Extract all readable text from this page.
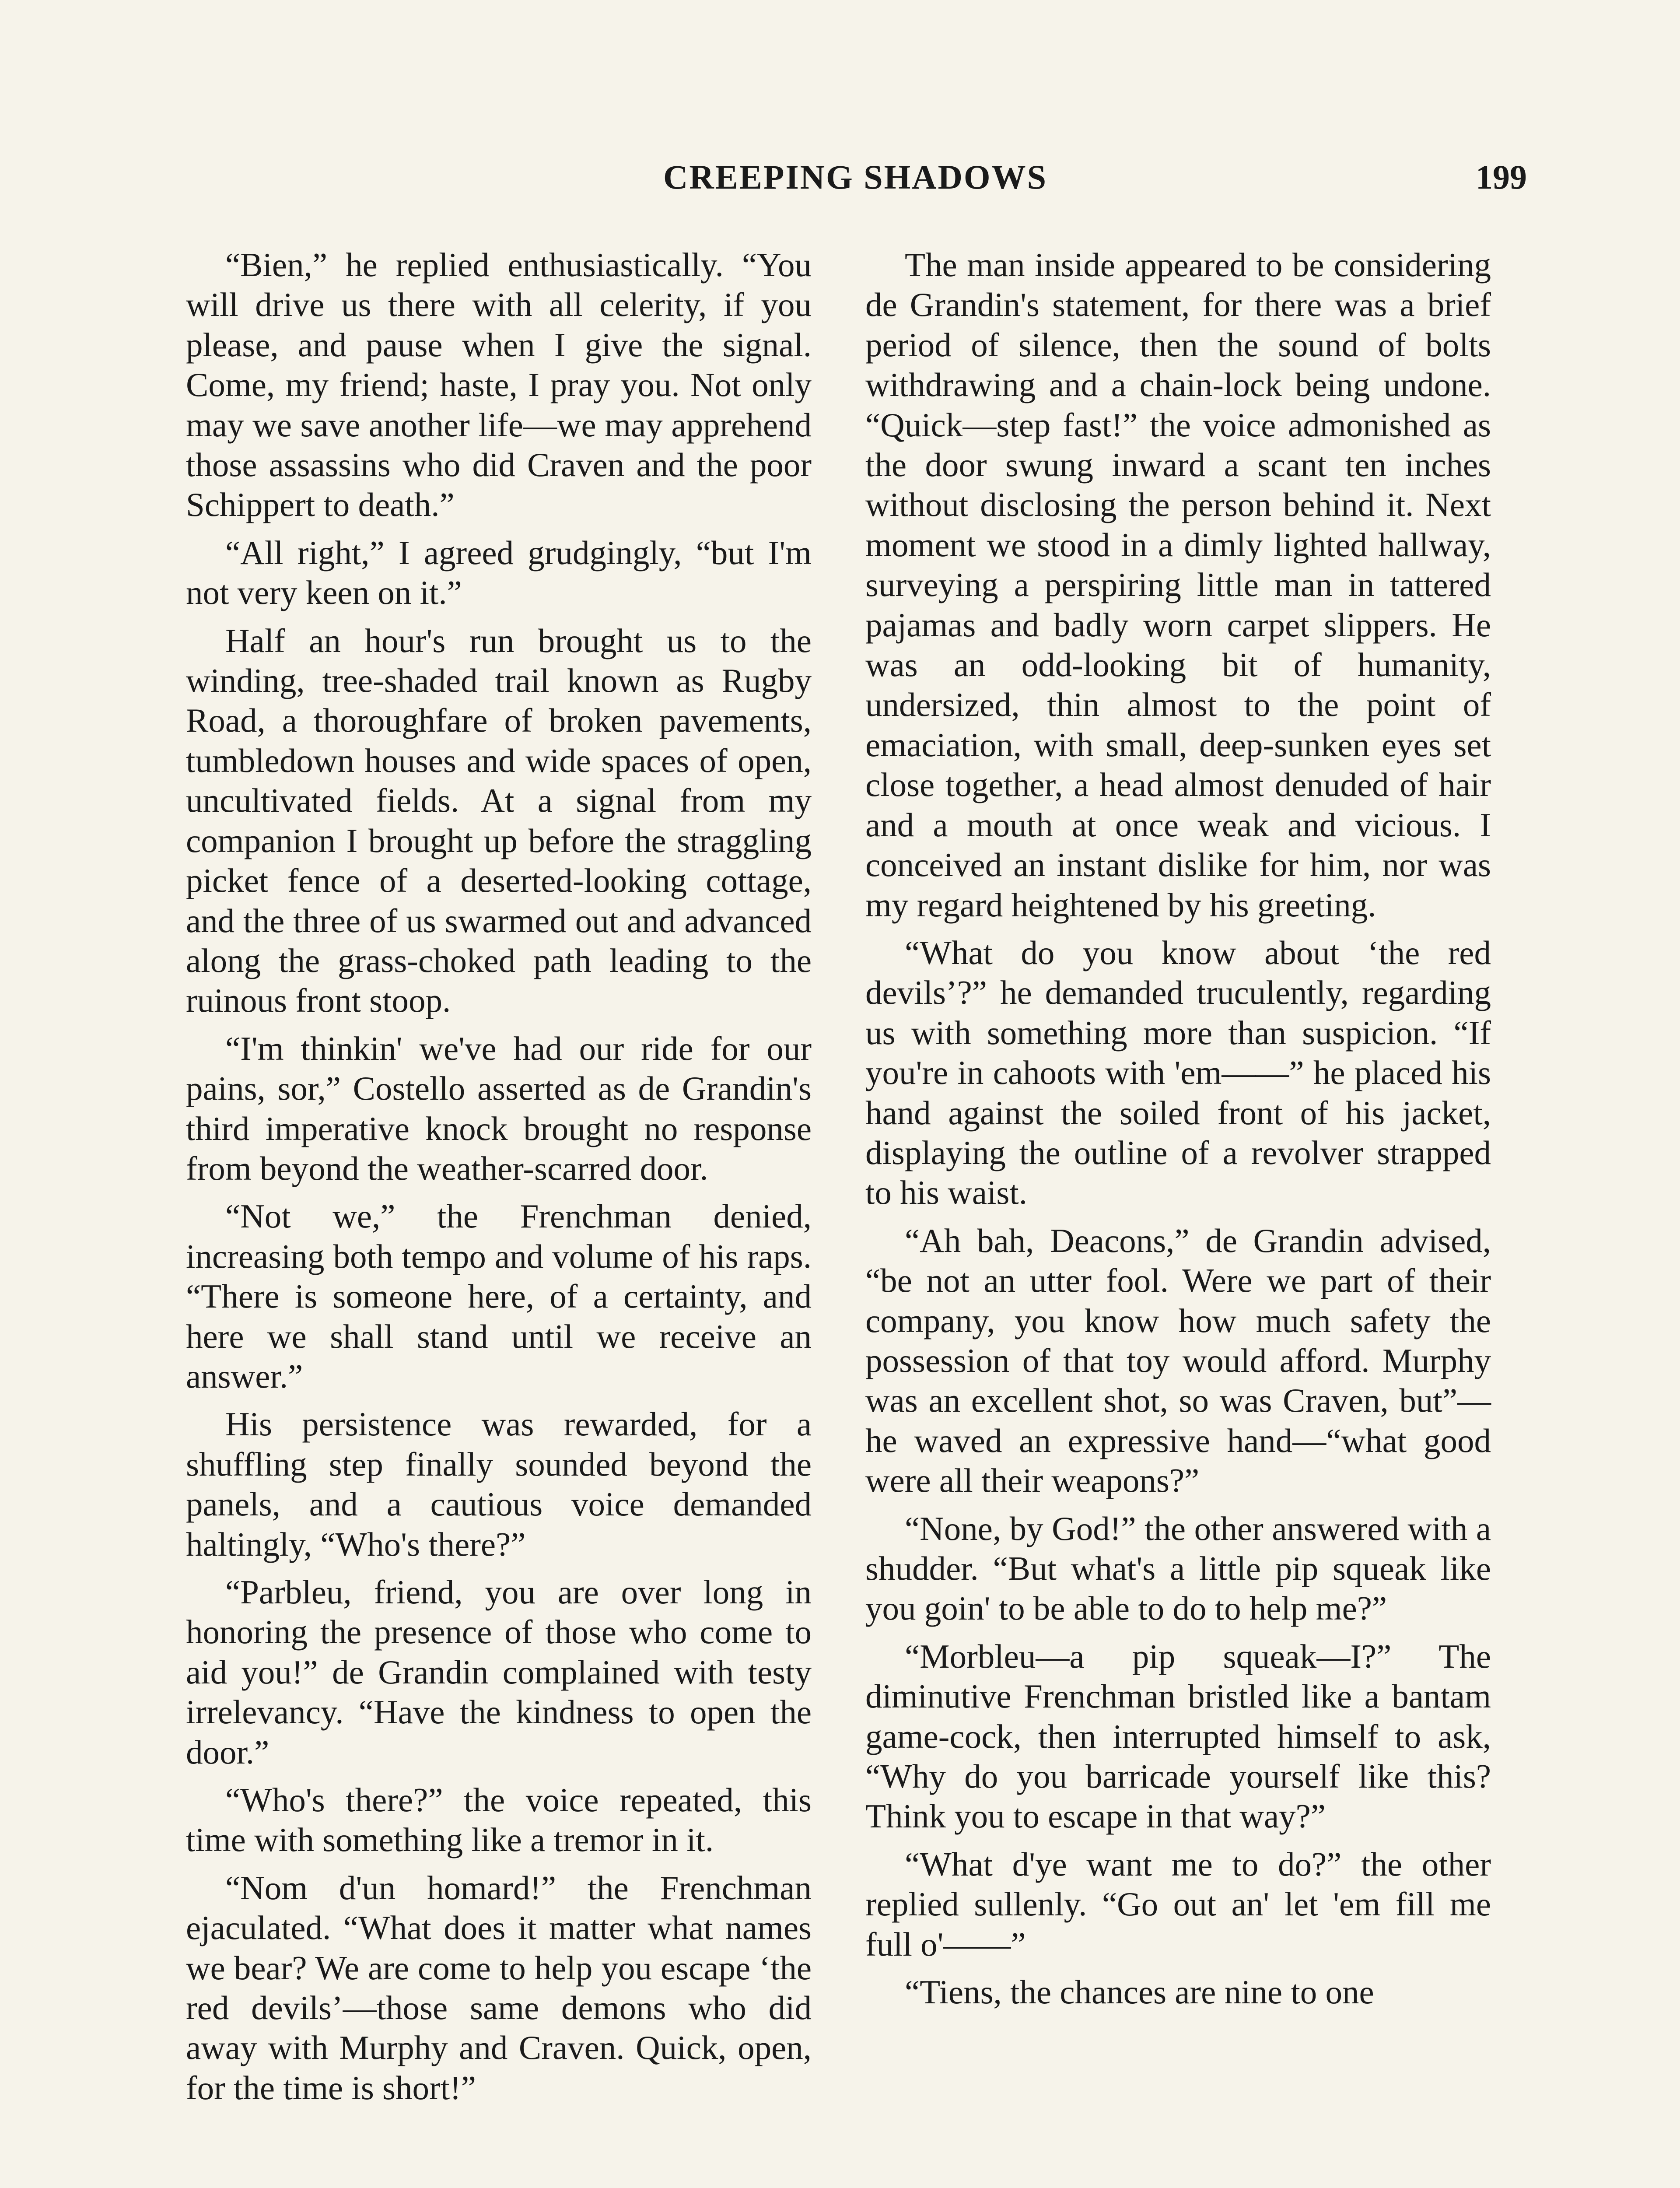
CREEPING SHADOWS	199

“Bien,” he replied enthusiastically. “You will drive us there with all celerity, if you please, and pause when I give the signal. Come, my friend; haste, I pray you. Not only may we save another life—we may apprehend those assassins who did Craven and the poor Schippert to death.”

“All right,” I agreed grudgingly, “but I'm not very keen on it.”

Half an hour's run brought us to the winding, tree-shaded trail known as Rugby Road, a thoroughfare of broken pavements, tumbledown houses and wide spaces of open, uncultivated fields. At a signal from my companion I brought up before the straggling picket fence of a deserted-looking cottage, and the three of us swarmed out and advanced along the grass-choked path leading to the ruinous front stoop.

“I'm thinkin' we've had our ride for our pains, sor,” Costello asserted as de Grandin's third imperative knock brought no response from beyond the weather-scarred door.

“Not we,” the Frenchman denied, increasing both tempo and volume of his raps. “There is someone here, of a certainty, and here we shall stand until we receive an answer.”

His persistence was rewarded, for a shuffling step finally sounded beyond the panels, and a cautious voice demanded haltingly, “Who's there?”

“Parbleu, friend, you are over long in honoring the presence of those who come to aid you!” de Grandin complained with testy irrelevancy. “Have the kindness to open the door.”

“Who's there?” the voice repeated, this time with something like a tremor in it.

“Nom d'un homard!” the Frenchman ejaculated. “What does it matter what names we bear? We are come to help you escape ‘the red devils’—those same demons who did away with Murphy and Craven. Quick, open, for the time is short!”

The man inside appeared to be considering de Grandin's statement, for there was a brief period of silence, then the sound of bolts withdrawing and a chain-lock being undone. “Quick—step fast!” the voice admonished as the door swung inward a scant ten inches without disclosing the person behind it. Next moment we stood in a dimly lighted hallway, surveying a perspiring little man in tattered pajamas and badly worn carpet slippers. He was an odd-looking bit of humanity, undersized, thin almost to the point of emaciation, with small, deep-sunken eyes set close together, a head almost denuded of hair and a mouth at once weak and vicious. I conceived an instant dislike for him, nor was my regard heightened by his greeting.

“What do you know about ‘the red devils’?” he demanded truculently, regarding us with something more than suspicion. “If you're in cahoots with 'em——” he placed his hand against the soiled front of his jacket, displaying the outline of a revolver strapped to his waist.

“Ah bah, Deacons,” de Grandin advised, “be not an utter fool. Were we part of their company, you know how much safety the possession of that toy would afford. Murphy was an excellent shot, so was Craven, but”—he waved an expressive hand—“what good were all their weapons?”

“None, by God!” the other answered with a shudder. “But what's a little pip squeak like you goin' to be able to do to help me?”

“Morbleu—a pip squeak—I?” The diminutive Frenchman bristled like a bantam game-cock, then interrupted himself to ask, “Why do you barricade yourself like this? Think you to escape in that way?”

“What d'ye want me to do?” the other replied sullenly. “Go out an' let 'em fill me full o'——”

“Tiens, the chances are nine to one
